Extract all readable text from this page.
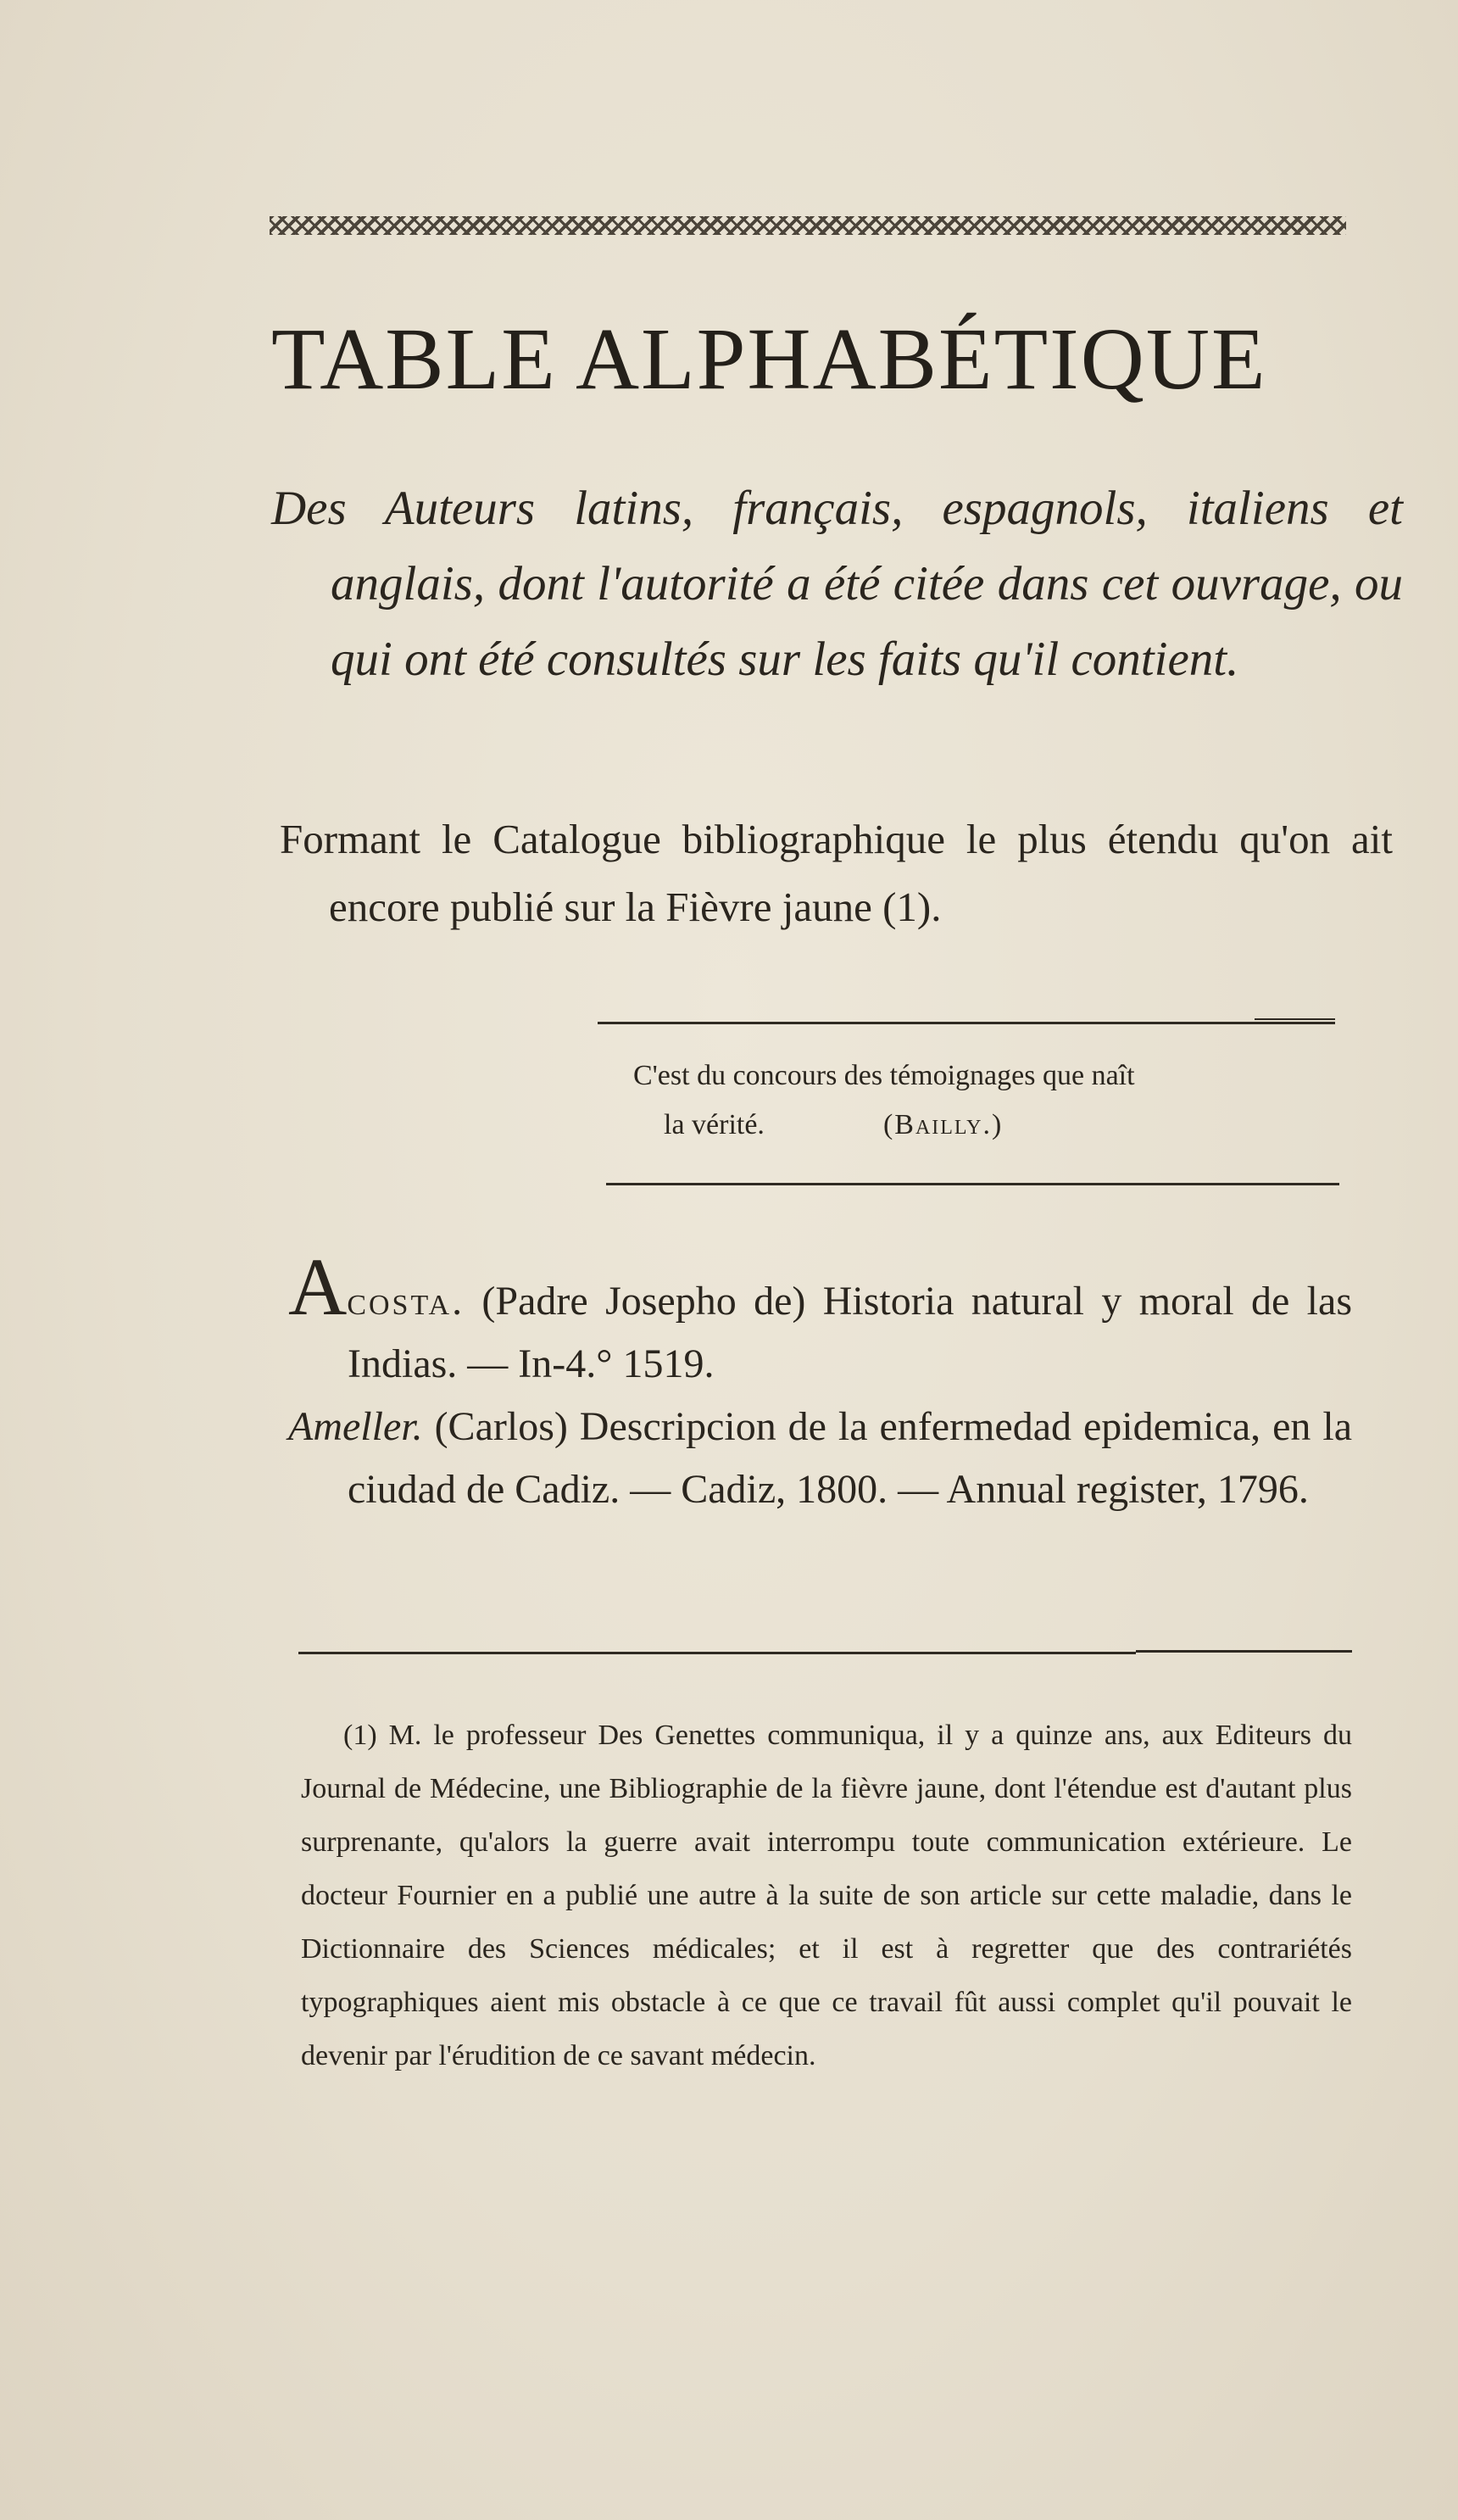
TABLE ALPHABÉTIQUE
Des Auteurs latins, français, espagnols, italiens et anglais, dont l'autorité a été citée dans cet ouvrage, ou qui ont été consultés sur les faits qu'il contient.
Formant le Catalogue bibliographique le plus étendu qu'on ait encore publié sur la Fièvre jaune (1).
C'est du concours des témoignages que naît
la vérité.	(Bailly.)

Acosta. (Padre Josepho de) Historia natural y moral de las Indias. — In-4.° 1519.

Ameller. (Carlos) Descripcion de la enfermedad epidemica, en la ciudad de Cadiz. — Cadiz, 1800. — Annual register, 1796.

(1) M. le professeur Des Genettes communiqua, il y a quinze ans, aux Editeurs du Journal de Médecine, une Bibliographie de la fièvre jaune, dont l'étendue est d'autant plus surprenante, qu'alors la guerre avait interrompu toute communication extérieure. Le docteur Fournier en a publié une autre à la suite de son article sur cette maladie, dans le Dictionnaire des Sciences médicales; et il est à regretter que des contrariétés typographiques aient mis obstacle à ce que ce travail fût aussi complet qu'il pouvait le devenir par l'érudition de ce savant médecin.
